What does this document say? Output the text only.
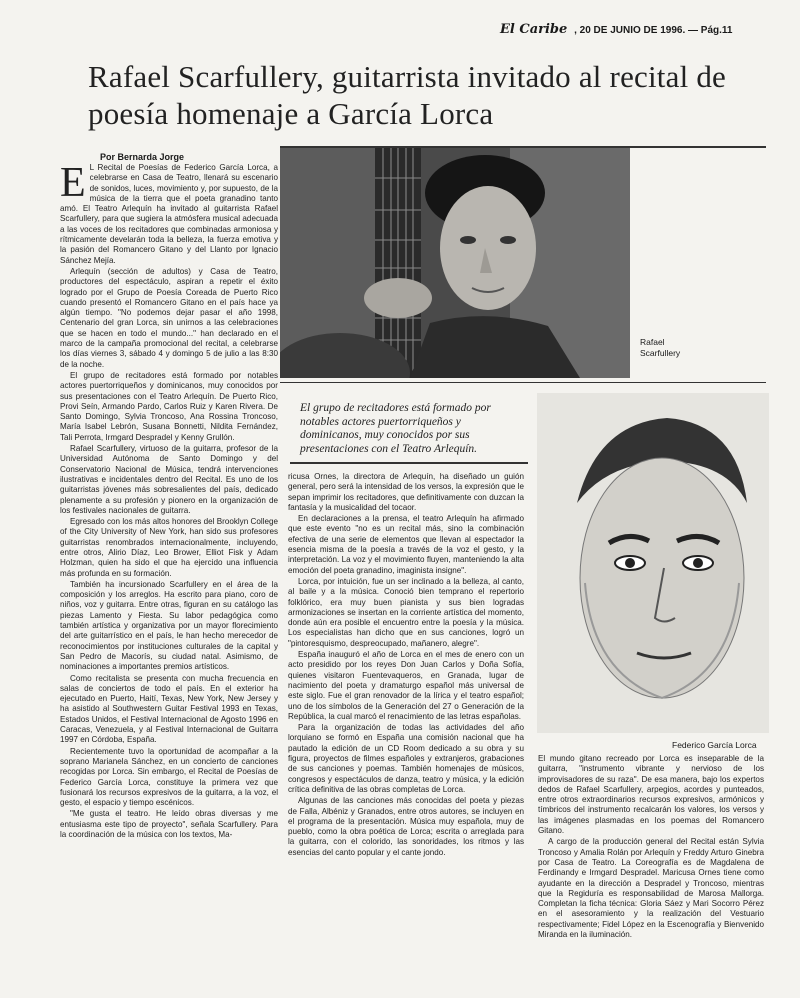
El Caribe , 20 DE JUNIO DE 1996. — Pág.11
Rafael Scarfullery, guitarrista invitado al recital de poesía homenaje a García Lorca
Por Bernarda Jorge
E L Recital de Poesías de Federico García Lorca, a celebrarse en Casa de Teatro, llenará su escenario de sonidos, luces, movimiento y, por supuesto, de la música de la tierra que el poeta granadino tanto amó. El Teatro Arlequín ha invitado al guitarrista Rafael Scarfullery, para que sugiera la atmósfera musical adecuada a las voces de los recitadores que combinadas armoniosa y rítmicamente develarán toda la belleza, la fuerza emotiva y la pasión del Romancero Gitano y del Llanto por Ignacio Sánchez Mejía.

Arlequín (sección de adultos) y Casa de Teatro, productores del espectáculo, aspiran a repetir el éxito logrado por el Grupo de Poesía Coreada de Puerto Rico cuando presentó el Romancero Gitano en el país hace ya algún tiempo. "No podemos dejar pasar el año 1998, Centenario del gran Lorca, sin unirnos a las celebraciones que se hacen en todo el mundo..." han declarado en el marco de la campaña promocional del recital, a celebrarse los días viernes 3, sábado 4 y domingo 5 de julio a las 8:30 de la noche.

El grupo de recitadores está formado por notables actores puertorriqueños y dominicanos, muy conocidos por sus presentaciones con el Teatro Arlequín. De Puerto Rico, Provi Seín, Armando Pardo, Carlos Ruiz y Karen Rivera. De Santo Domingo, Sylvia Troncoso, Ana Rossina Troncoso, María Isabel Lebrón, Susana Bonnetti, Nildita Fernández, Tali Perrota, Irmgard Despradel y Kenny Grullón.

Rafael Scarfullery, virtuoso de la guitarra, profesor de la Universidad Autónoma de Santo Domingo y del Conservatorio Nacional de Música, tendrá intervenciones ilustrativas e incidentales dentro del Recital. Es uno de los guitarristas jóvenes más sobresalientes del país, dedicado plenamente a su profesión y pionero en la organización de los festivales nacionales de guitarra.

Egresado con los más altos honores del Brooklyn College of the City University of New York, han sido sus profesores guitarristas renombrados internacionalmente, incluyendo, entre otros, Alirio Díaz, Leo Brower, Elliot Fisk y Adam Holzman, quien ha sido el que ha ejercido una influencia más profunda en su formación.

También ha incursionado Scarfullery en el área de la composición y los arreglos. Ha escrito para piano, coro de niños, voz y guitarra. Entre otras, figuran en su catálogo las piezas Lamento y Fiesta. Su labor pedagógica como también artística y organizativa por un mayor florecimiento del arte guitarrístico en el país, le han hecho merecedor de reconocimientos por instituciones culturales de la capital y San Pedro de Macorís, su ciudad natal. Asimismo, de nominaciones a importantes premios artísticos.

Como recitalista se presenta con mucha frecuencia en salas de conciertos de todo el país. En el exterior ha ejecutado en Puerto, Haití, Texas, New York, New Jersey y ha asistido al Southwestern Guitar Festival 1993 en Texas, Estados Unidos, el Festival Internacional de Agosto 1996 en Caracas, Venezuela, y al Festival Internacional de Guitarra 1997 en Córdoba, España.

Recientemente tuvo la oportunidad de acompañar a la soprano Marianela Sánchez, en un concierto de canciones recogidas por Lorca. Sin embargo, el Recital de Poesías de Federico García Lorca, constituye la primera vez que fusionará los recursos expresivos de la guitarra, a la voz, el gesto, el espacio y tiempo escénicos.

"Me gusta el teatro. He leído obras diversas y me entusiasma este tipo de proyecto", señala Scarfullery. Para la coordinación de la música con los textos, Ma-

Rafael
Scarfullery
El grupo de recitadores está formado por notables actores puertorriqueños y dominicanos, muy conocidos por sus presentaciones con el Teatro Arlequín.

ricusa Ornes, la directora de Arlequín, ha diseñado un guión general, pero será la intensidad de los versos, la expresión que le sepan imprimir los recitadores, que definitivamente con duzcan la fantasía y la musicalidad del tocaor.

En declaraciones a la prensa, el teatro Arlequín ha afirmado que este evento "no es un recital más, sino la combinación efectiva de una serie de elementos que llevan al espectador la esencia misma de la poesía a través de la voz el gesto, y la interpretación. La voz y el movimiento fluyen, manteniendo la alta emoción del poeta granadino, imaginista insigne".

Lorca, por intuición, fue un ser inclinado a la belleza, al canto, al baile y a la música. Conoció bien temprano el repertorio folklórico, era muy buen pianista y sus bien logradas armonizaciones se insertan en la corriente artística del momento, donde aún era posible el encuentro entre la poesía y la música. Los especialistas han dicho que en sus canciones, logró un "pintoresquismo, despreocupado, mañanero, alegre".

España inauguró el año de Lorca en el mes de enero con un acto presidido por los reyes Don Juan Carlos y Doña Sofía, quienes visitaron Fuentevaqueros, en Granada, lugar de nacimiento del poeta y dramaturgo español más universal de este siglo. Fue el gran renovador de la lírica y el teatro español; uno de los símbolos de la Generación del 27 o Generación de la República, la cual marcó el renacimiento de las letras españolas.

Para la organización de todas las actividades del año lorquiano se formó en España una comisión nacional que ha pautado la edición de un CD Room dedicado a su obra y su figura, proyectos de filmes españoles y extranjeros, grabaciones de sus canciones y poemas. También homenajes de músicos, congresos y espectáculos de danza, teatro y música, y la edición crítica definitiva de las obras completas de Lorca.

Algunas de las canciones más conocidas del poeta y piezas de Falla, Albéniz y Granados, entre otros autores, se incluyen en el programa de la presentación. Música muy española, muy de pueblo, como la obra poética de Lorca; escrita o arreglada para la guitarra, con el colorido, las sonoridades, los ritmos y las esencias del canto popular y el cante jondo.

Federico García Lorca

El mundo gitano recreado por Lorca es inseparable de la guitarra, "instrumento vibrante y nervioso de los improvisadores de su raza". De esa manera, bajo los expertos dedos de Rafael Scarfullery, arpegios, acordes y punteados, entre otros extraordinarios recursos expresivos, armónicos y tímbricos del instrumento recalcarán los valores, los versos y las imágenes plasmadas en los poemas del Romancero Gitano.

A cargo de la producción general del Recital están Sylvia Troncoso y Amalia Rolán por Arlequín y Freddy Arturo Ginebra por Casa de Teatro. La Coreografía es de Magdalena de Ferdinandy e Irmgard Despradel. Maricusa Ornes tiene como ayudante en la dirección a Despradel y Troncoso, mientras que la Regiduría es responsabilidad de Marosa Mallorga. Completan la ficha técnica: Gloria Sáez y Mari Socorro Pérez en el asesoramiento y la realización del Vestuario respectivamente; Fidel López en la Escenografía y Bienvenido Miranda en la iluminación.
